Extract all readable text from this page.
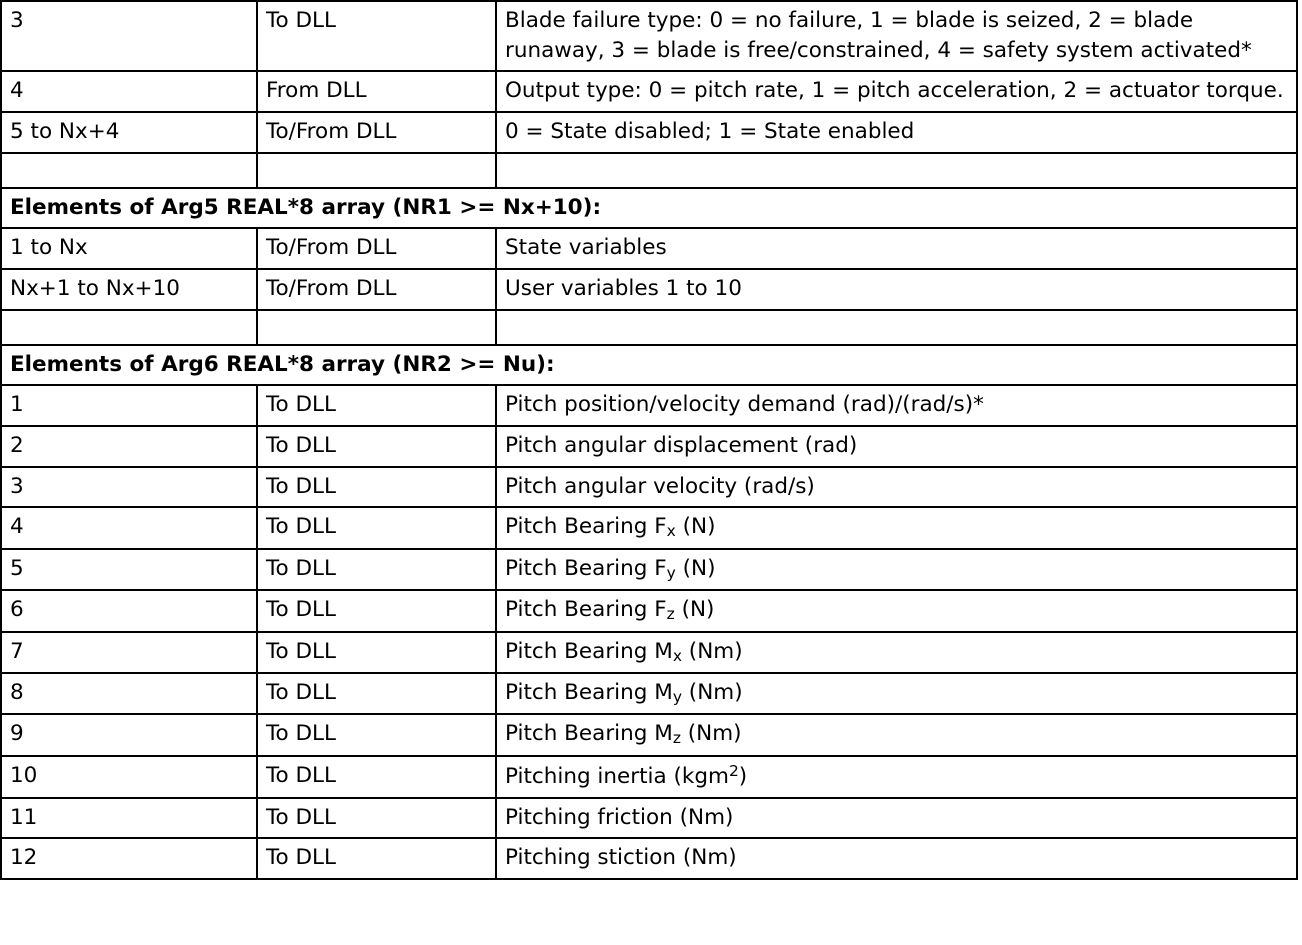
3	To DLL	Blade failure type: 0 = no failure, 1 = blade is seized, 2 = blade runaway, 3 = blade is free/constrained, 4 = safety system activated*
4	From DLL	Output type: 0 = pitch rate, 1 = pitch acceleration, 2 = actuator torque.
5 to Nx+4	To/From DLL	0 = State disabled; 1 = State enabled

Elements of Arg5 REAL*8 array (NR1 >= Nx+10):		
1 to Nx	To/From DLL	State variables
Nx+1 to Nx+10	To/From DLL	User variables 1 to 10

Elements of Arg6 REAL*8 array (NR2 >= Nu):		
1	To DLL	Pitch position/velocity demand (rad)/(rad/s)*
2	To DLL	Pitch angular displacement (rad)
3	To DLL	Pitch angular velocity (rad/s)
4	To DLL	Pitch Bearing $F_x$ (N)
5	To DLL	Pitch Bearing $F_y$ (N)
6	To DLL	Pitch Bearing $F_z$ (N)
7	To DLL	Pitch Bearing $M_x$ (Nm)
8	To DLL	Pitch Bearing $M_y$ (Nm)
9	To DLL	Pitch Bearing $M_z$ (Nm)
10	To DLL	Pitching inertia (kgm$^2$)
11	To DLL	Pitching friction (Nm)
12	To DLL	Pitching stiction (Nm)
